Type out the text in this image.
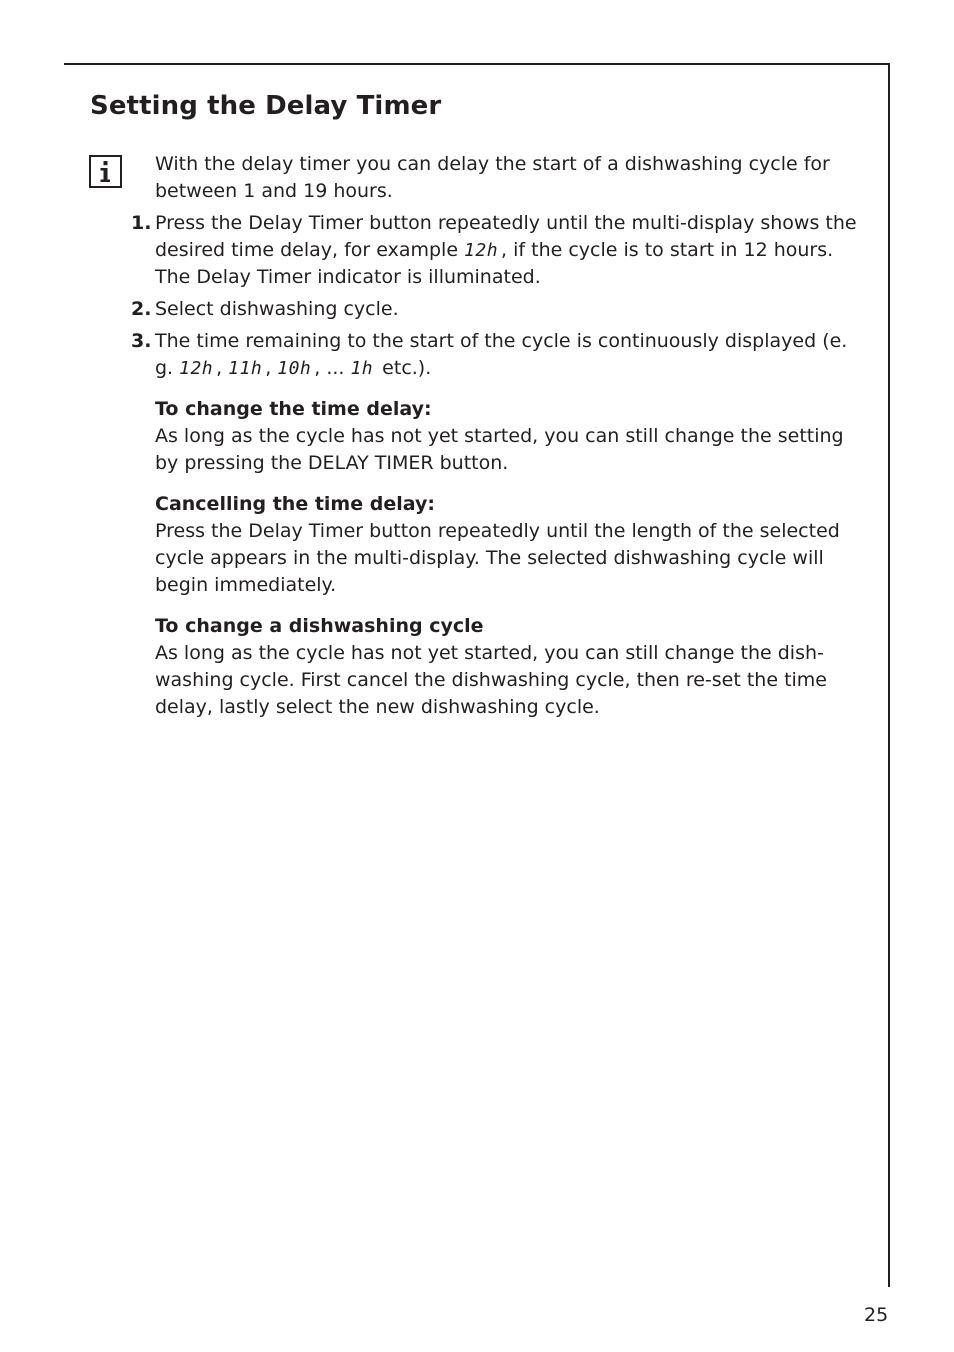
Setting the Delay Timer

With the delay timer you can delay the start of a dishwashing cycle for between 1 and 19 hours.

1. Press the Delay Timer button repeatedly until the multi-display shows the desired time delay, for example 12h , if the cycle is to start in 12 hours. The Delay Timer indicator is illuminated.
2. Select dishwashing cycle.
3. The time remaining to the start of the cycle is continuously displayed (e. g. 12h , 11h , 10h , ... 1h etc.).
To change the time delay:

As long as the cycle has not yet started, you can still change the setting by pressing the DELAY TIMER button.

Cancelling the time delay:

Press the Delay Timer button repeatedly until the length of the selected cycle appears in the multi-display. The selected dishwashing cycle will begin immediately.

To change a dishwashing cycle

As long as the cycle has not yet started, you can still change the dish-washing cycle. First cancel the dishwashing cycle, then re-set the time delay, lastly select the new dishwashing cycle.

25
